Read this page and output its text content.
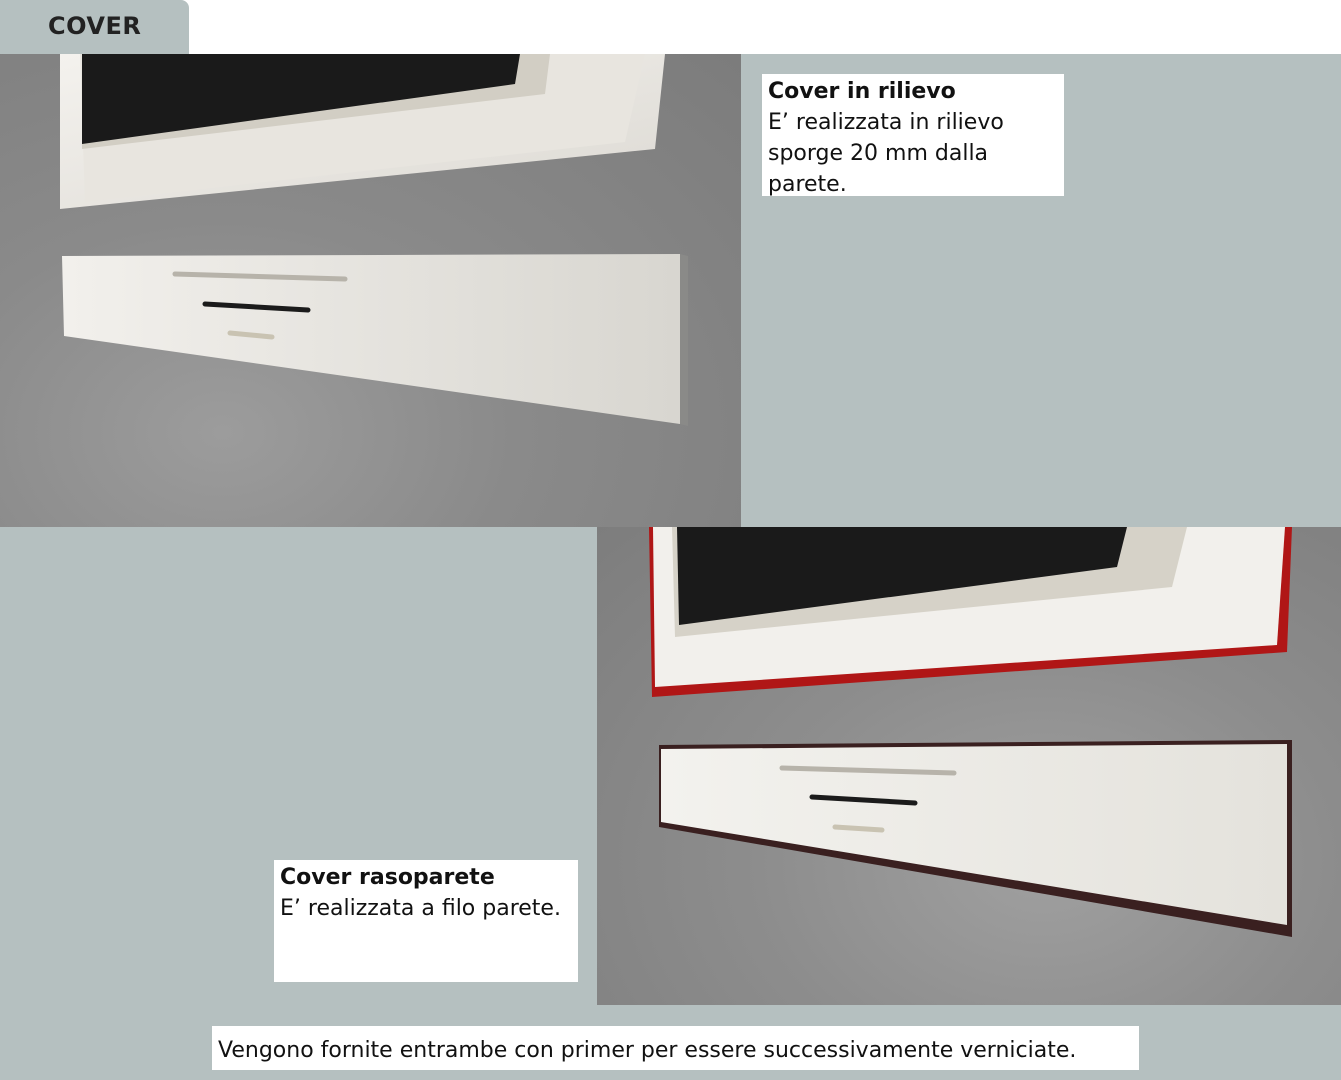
COVER
Cover in rilievo
E’ realizzata in rilievo
sporge 20 mm dalla
parete.
Cover rasoparete
E’ realizzata a filo parete.
Vengono fornite entrambe con primer per essere successivamente verniciate.
